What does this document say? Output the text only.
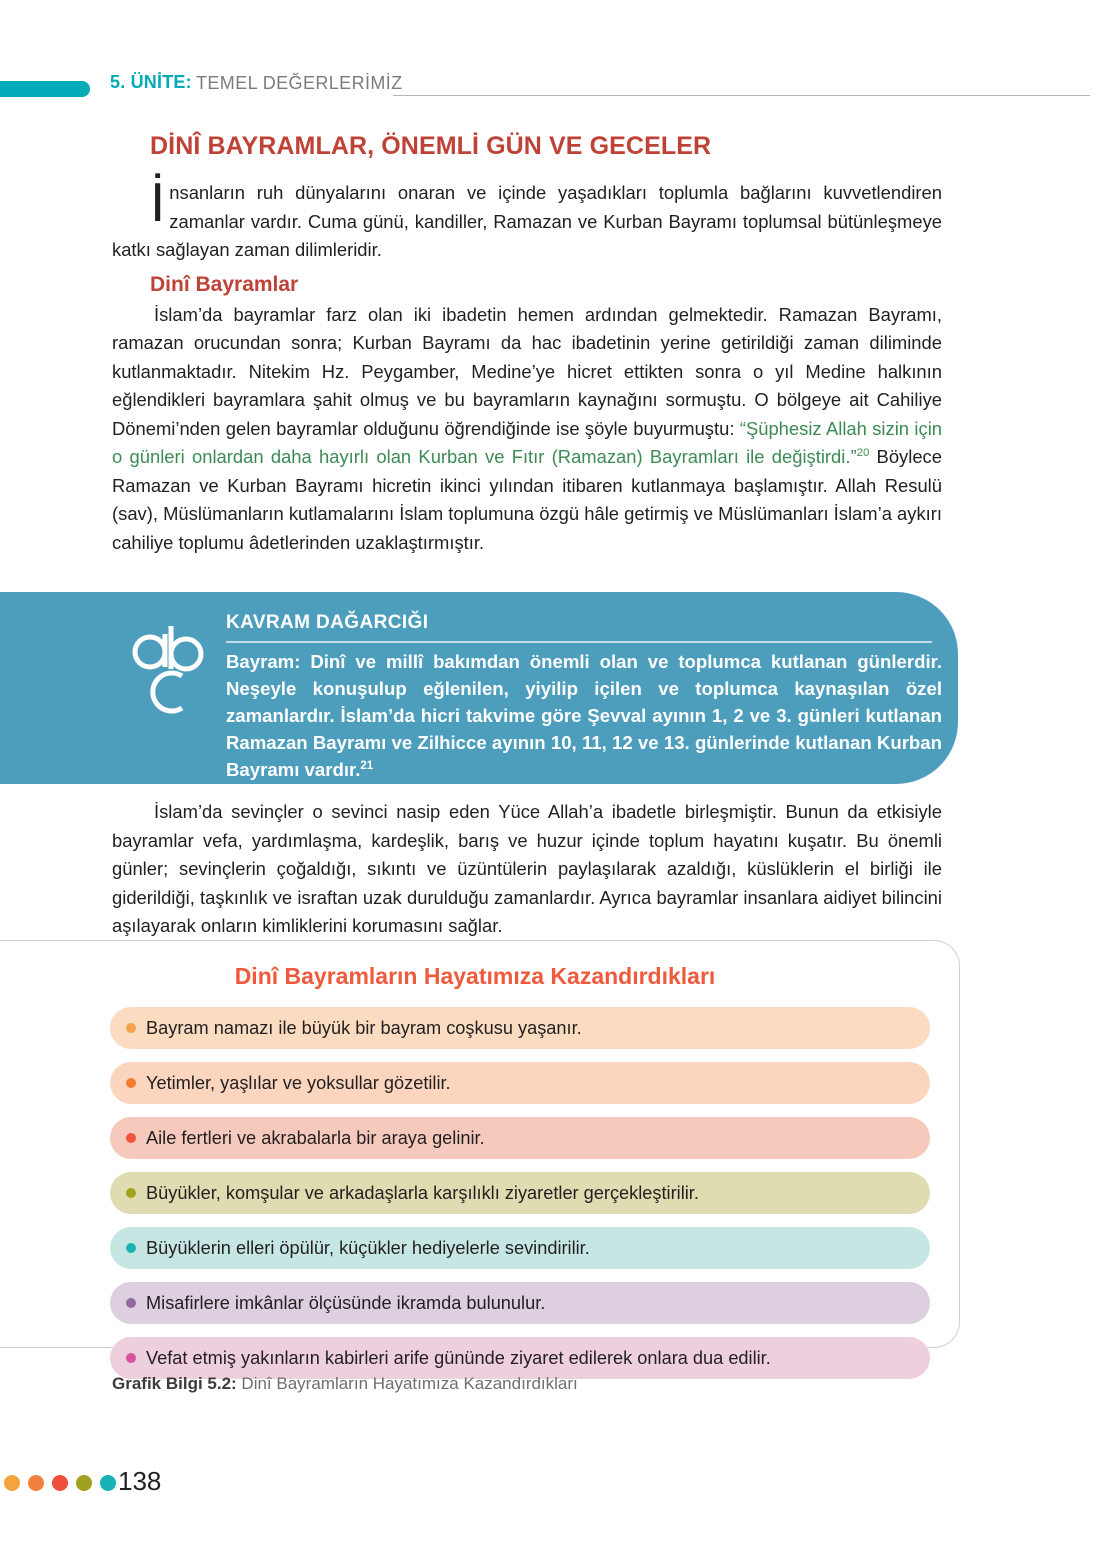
5. ÜNİTE: TEMEL DEĞERLERİMİZ
DİNÎ BAYRAMLAR, ÖNEMLİ GÜN VE GECELER
İ nsanların ruh dünyalarını onaran ve içinde yaşadıkları toplumla bağlarını kuvvetlendiren zamanlar vardır. Cuma günü, kandiller, Ramazan ve Kurban Bayramı toplumsal bütünleşmeye katkı sağlayan zaman dilimleridir.

Dinî Bayramlar

İslam’da bayramlar farz olan iki ibadetin hemen ardından gelmektedir. Ramazan Bayramı, ramazan orucundan sonra; Kurban Bayramı da hac ibadetinin yerine getirildiği zaman diliminde kutlanmaktadır. Nitekim Hz. Peygamber, Medine’ye hicret ettikten sonra o yıl Medine halkının eğlendikleri bayramlara şahit olmuş ve bu bayramların kaynağını sormuştu. O bölgeye ait Cahiliye Dönemi’nden gelen bayramlar olduğunu öğrendiğinde ise şöyle buyurmuştu: “Şüphesiz Allah sizin için o günleri onlardan daha hayırlı olan Kurban ve Fıtır (Ramazan) Bayramları ile değiştirdi.”$^{20}$ Böylece Ramazan ve Kurban Bayramı hicretin ikinci yılından itibaren kutlanmaya başlamıştır. Allah Resulü (sav), Müslümanların kutlamalarını İslam toplumuna özgü hâle getirmiş ve Müslümanları İslam’a aykırı cahiliye toplumu âdetlerinden uzaklaştırmıştır.

KAVRAM DAĞARCIĞI
Bayram: Dinî ve millî bakımdan önemli olan ve toplumca kutlanan günlerdir. Neşeyle konuşulup eğlenilen, yiyilip içilen ve toplumca kaynaşılan özel zamanlardır. İslam’da hicri takvime göre Şevval ayının 1, 2 ve 3. günleri kutlanan Ramazan Bayramı ve Zilhicce ayının 10, 11, 12 ve 13. günlerinde kutlanan Kurban Bayramı vardır.$^{21}$

İslam’da sevinçler o sevinci nasip eden Yüce Allah’a ibadetle birleşmiştir. Bunun da etkisiyle bayramlar vefa, yardımlaşma, kardeşlik, barış ve huzur içinde toplum hayatını kuşatır. Bu önemli günler; sevinçlerin çoğaldığı, sıkıntı ve üzüntülerin paylaşılarak azaldığı, küslüklerin el birliği ile giderildiği, taşkınlık ve israftan uzak durulduğu zamanlardır. Ayrıca bayramlar insanlara aidiyet bilincini aşılayarak onların kimliklerini korumasını sağlar.

Dinî Bayramların Hayatımıza Kazandırdıkları
Bayram namazı ile büyük bir bayram coşkusu yaşanır.
Yetimler, yaşlılar ve yoksullar gözetilir.
Aile fertleri ve akrabalarla bir araya gelinir.
Büyükler, komşular ve arkadaşlarla karşılıklı ziyaretler gerçekleştirilir.
Büyüklerin elleri öpülür, küçükler hediyelerle sevindirilir.
Misafirlere imkânlar ölçüsünde ikramda bulunulur.
Vefat etmiş yakınların kabirleri arife gününde ziyaret edilerek onlara dua edilir.
Grafik Bilgi 5.2: Dinî Bayramların Hayatımıza Kazandırdıkları
138
